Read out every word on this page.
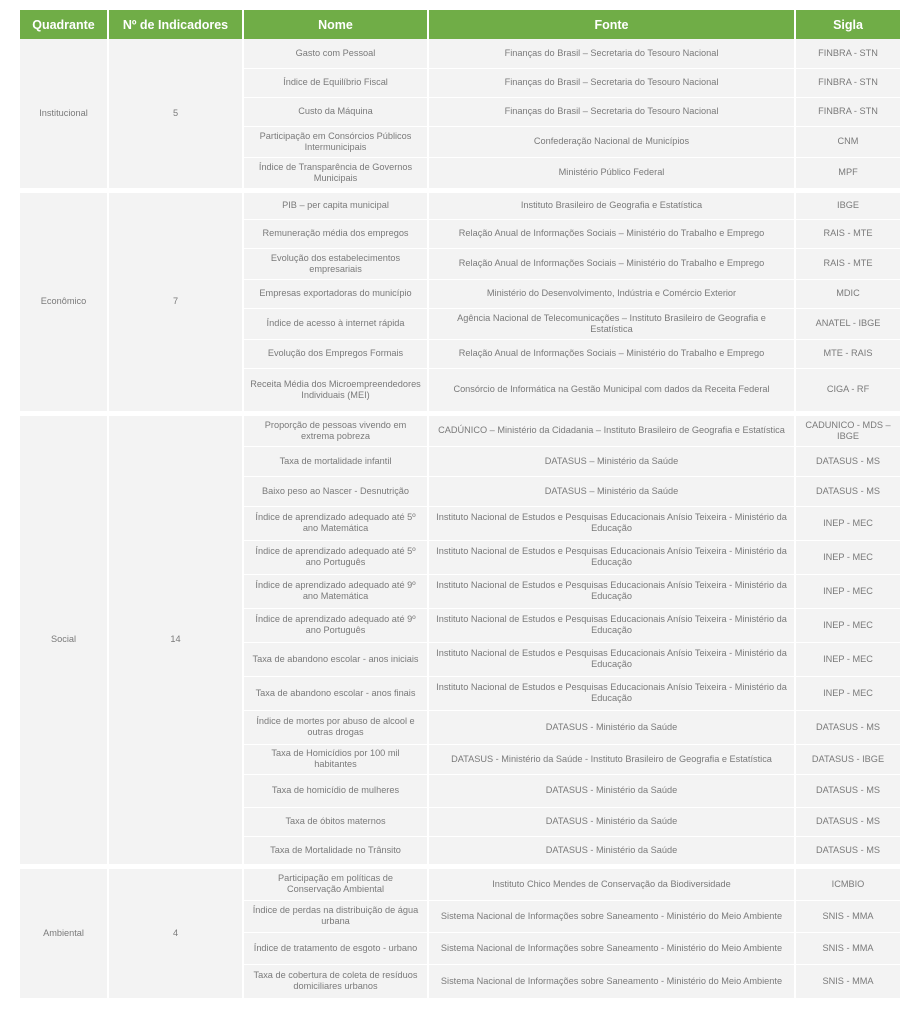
Quadrante	Nº de Indicadores	Nome	Fonte	Sigla
Institucional	5	Gasto com Pessoal	Finanças do Brasil – Secretaria do Tesouro Nacional	FINBRA - STN
		Índice de Equilíbrio Fiscal	Finanças do Brasil – Secretaria do Tesouro Nacional	FINBRA - STN
		Custo da Máquina	Finanças do Brasil – Secretaria do Tesouro Nacional	FINBRA - STN
		Participação em Consórcios Públicos Intermunicipais	Confederação Nacional de Municípios	CNM
		Índice de Transparência de Governos Municipais	Ministério Público Federal	MPF
Econômico	7	PIB – per capita municipal	Instituto Brasileiro de Geografia e Estatística	IBGE
		Remuneração média dos empregos	Relação Anual de Informações Sociais – Ministério do Trabalho e Emprego	RAIS - MTE
		Evolução dos estabelecimentos empresariais	Relação Anual de Informações Sociais – Ministério do Trabalho e Emprego	RAIS - MTE
		Empresas exportadoras do município	Ministério do Desenvolvimento, Indústria e Comércio Exterior	MDIC
		Índice de acesso à internet rápida	Agência Nacional de Telecomunicações – Instituto Brasileiro de Geografia e Estatística	ANATEL - IBGE
		Evolução dos Empregos Formais	Relação Anual de Informações Sociais – Ministério do Trabalho e Emprego	MTE - RAIS
		Receita Média dos Microempreendedores Individuais (MEI)	Consórcio de Informática na Gestão Municipal com dados da Receita Federal	CIGA - RF
Social	14	Proporção de pessoas vivendo em extrema pobreza	CADÚNICO – Ministério da Cidadania – Instituto Brasileiro de Geografia e Estatística	CADUNICO - MDS – IBGE
		Taxa de mortalidade infantil	DATASUS – Ministério da Saúde	DATASUS - MS
		Baixo peso ao Nascer - Desnutrição	DATASUS – Ministério da Saúde	DATASUS - MS
		Índice de aprendizado adequado até 5º ano Matemática	Instituto Nacional de Estudos e Pesquisas Educacionais Anísio Teixeira - Ministério da Educação	INEP - MEC
		Índice de aprendizado adequado até 5º ano Português	Instituto Nacional de Estudos e Pesquisas Educacionais Anísio Teixeira - Ministério da Educação	INEP - MEC
		Índice de aprendizado adequado até 9º ano Matemática	Instituto Nacional de Estudos e Pesquisas Educacionais Anísio Teixeira - Ministério da Educação	INEP - MEC
		Índice de aprendizado adequado até 9º ano Português	Instituto Nacional de Estudos e Pesquisas Educacionais Anísio Teixeira - Ministério da Educação	INEP - MEC
		Taxa de abandono escolar - anos iniciais	Instituto Nacional de Estudos e Pesquisas Educacionais Anísio Teixeira - Ministério da Educação	INEP - MEC
		Taxa de abandono escolar - anos finais	Instituto Nacional de Estudos e Pesquisas Educacionais Anísio Teixeira - Ministério da Educação	INEP - MEC
		Índice de mortes por abuso de alcool e outras drogas	DATASUS - Ministério da Saúde	DATASUS - MS
		Taxa de Homicídios por 100 mil habitantes	DATASUS - Ministério da Saúde - Instituto Brasileiro de Geografia e Estatística	DATASUS - IBGE
		Taxa de homicídio de mulheres	DATASUS - Ministério da Saúde	DATASUS - MS
		Taxa de óbitos maternos	DATASUS - Ministério da Saúde	DATASUS - MS
		Taxa de Mortalidade no Trânsito	DATASUS - Ministério da Saúde	DATASUS - MS
Ambiental	4	Participação em políticas de Conservação Ambiental	Instituto Chico Mendes de Conservação da Biodiversidade	ICMBIO
		Índice de perdas na distribuição de água urbana	Sistema Nacional de Informações sobre Saneamento - Ministério do Meio Ambiente	SNIS - MMA
		Índice de tratamento de esgoto - urbano	Sistema Nacional de Informações sobre Saneamento - Ministério do Meio Ambiente	SNIS - MMA
		Taxa de cobertura de coleta de resíduos domiciliares urbanos	Sistema Nacional de Informações sobre Saneamento - Ministério do Meio Ambiente	SNIS - MMA
